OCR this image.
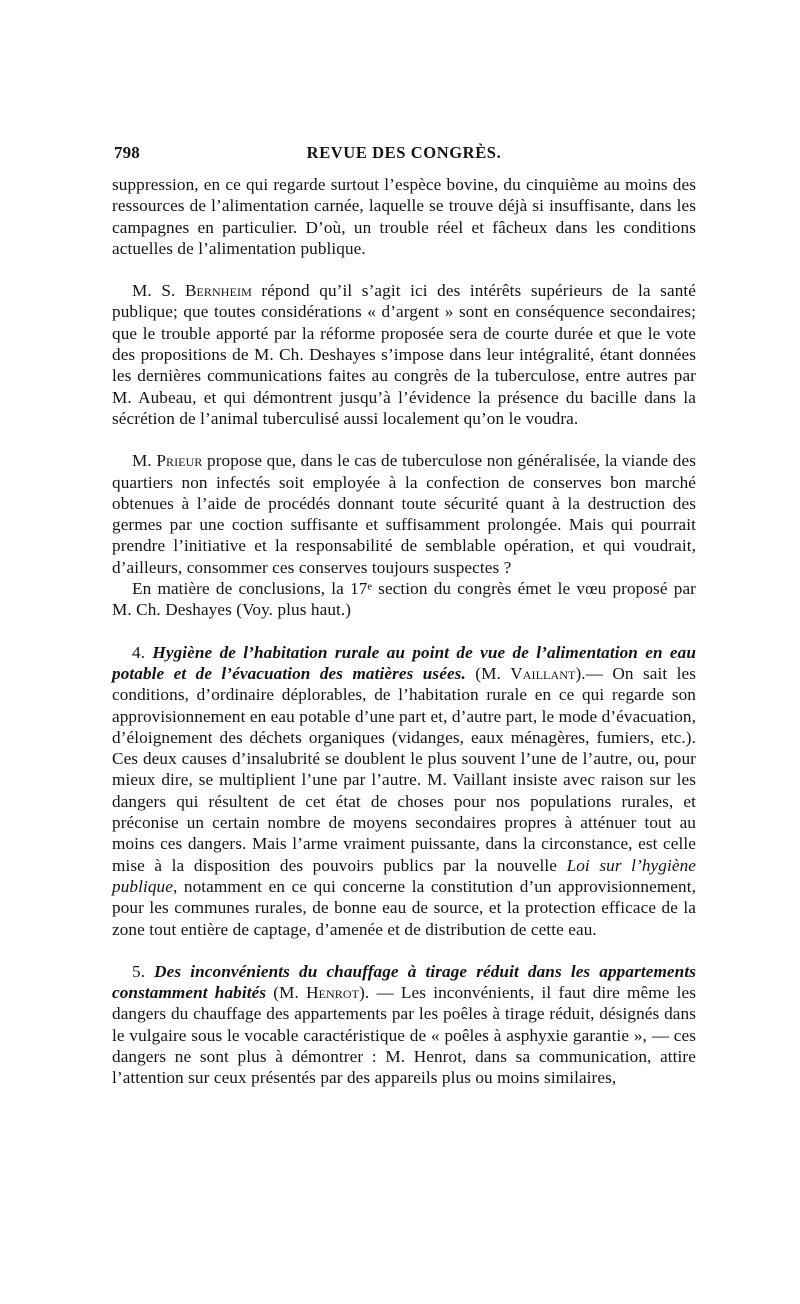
798	REVUE DES CONGRÈS.

suppression, en ce qui regarde surtout l’espèce bovine, du cinquième au moins des ressources de l’alimentation carnée, laquelle se trouve déjà si insuffisante, dans les campagnes en particulier. D’où, un trouble réel et fâcheux dans les conditions actuelles de l’alimentation publique.

M. S. Bernheim répond qu’il s’agit ici des intérêts supérieurs de la santé publique; que toutes considérations « d’argent » sont en conséquence secondaires; que le trouble apporté par la réforme proposée sera de courte durée et que le vote des propositions de M. Ch. Deshayes s’impose dans leur intégralité, étant données les dernières communications faites au congrès de la tuberculose, entre autres par M. Aubeau, et qui démontrent jusqu’à l’évidence la présence du bacille dans la sécrétion de l’animal tuberculisé aussi localement qu’on le voudra.

M. Prieur propose que, dans le cas de tuberculose non généralisée, la viande des quartiers non infectés soit employée à la confection de conserves bon marché obtenues à l’aide de procédés donnant toute sécurité quant à la destruction des germes par une coction suffisante et suffisamment prolongée. Mais qui pourrait prendre l’initiative et la responsabilité de semblable opération, et qui voudrait, d’ailleurs, consommer ces conserves toujours suspectes ?

En matière de conclusions, la 17ᵉ section du congrès émet le vœu proposé par M. Ch. Deshayes (Voy. plus haut.)

4. Hygiène de l’habitation rurale au point de vue de l’alimentation en eau potable et de l’évacuation des matières usées. (M. Vaillant).— On sait les conditions, d’ordinaire déplorables, de l’habitation rurale en ce qui regarde son approvisionnement en eau potable d’une part et, d’autre part, le mode d’évacuation, d’éloignement des déchets organiques (vidanges, eaux ménagères, fumiers, etc.). Ces deux causes d’insalubrité se doublent le plus souvent l’une de l’autre, ou, pour mieux dire, se multiplient l’une par l’autre. M. Vaillant insiste avec raison sur les dangers qui résultent de cet état de choses pour nos populations rurales, et préconise un certain nombre de moyens secondaires propres à atténuer tout au moins ces dangers. Mais l’arme vraiment puissante, dans la circonstance, est celle mise à la disposition des pouvoirs publics par la nouvelle Loi sur l’hygiène publique, notamment en ce qui concerne la constitution d’un approvisionnement, pour les communes rurales, de bonne eau de source, et la protection efficace de la zone tout entière de captage, d’amenée et de distribution de cette eau.

5. Des inconvénients du chauffage à tirage réduit dans les appartements constamment habités (M. Henrot). — Les inconvénients, il faut dire même les dangers du chauffage des appartements par les poêles à tirage réduit, désignés dans le vulgaire sous le vocable caractéristique de « poêles à asphyxie garantie », — ces dangers ne sont plus à démontrer : M. Henrot, dans sa communication, attire l’attention sur ceux présentés par des appareils plus ou moins similaires,
